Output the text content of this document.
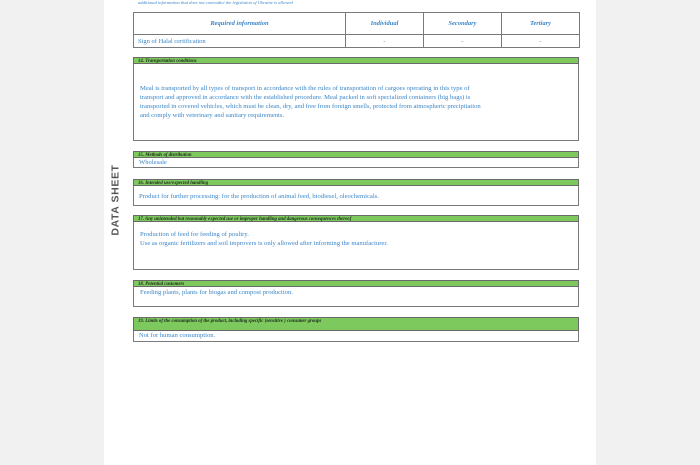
DATA SHEET
additional information that does not contradict the legislation of Ukraine is allowed
Required information	Individual	Secondary	Tertiary
Sign of Halal certification	-	-	-
14. Transportation conditions
Meal is transported by all types of transport in accordance with the rules of transportation of cargoes operating in this type of
transport and approved in accordance with the established procedure. Meal packed in soft specialized containers (big bags) is
transported in covered vehicles, which must be clean, dry, and free from foreign smells, protected from atmospheric precipitation
and comply with veterinary and sanitary requirements.
15. Methods of distribution
Wholesale
16. Intended use/expected handling
Product for further processing: for the production of animal feed, biodiesel, oleochemicals.
17. Any unintended but reasonably expected use or improper handling and dangerous consequences thereof
Production of feed for feeding of poultry.
Use as organic fertilizers and soil improvers is only allowed after informing the manufacturer.
18. Potential customers
Feeding plants, plants for biogas and compost production.
19. Limits of the consumption of the product, including specific (sensitive ) consumer groups
Not for human consumption.
